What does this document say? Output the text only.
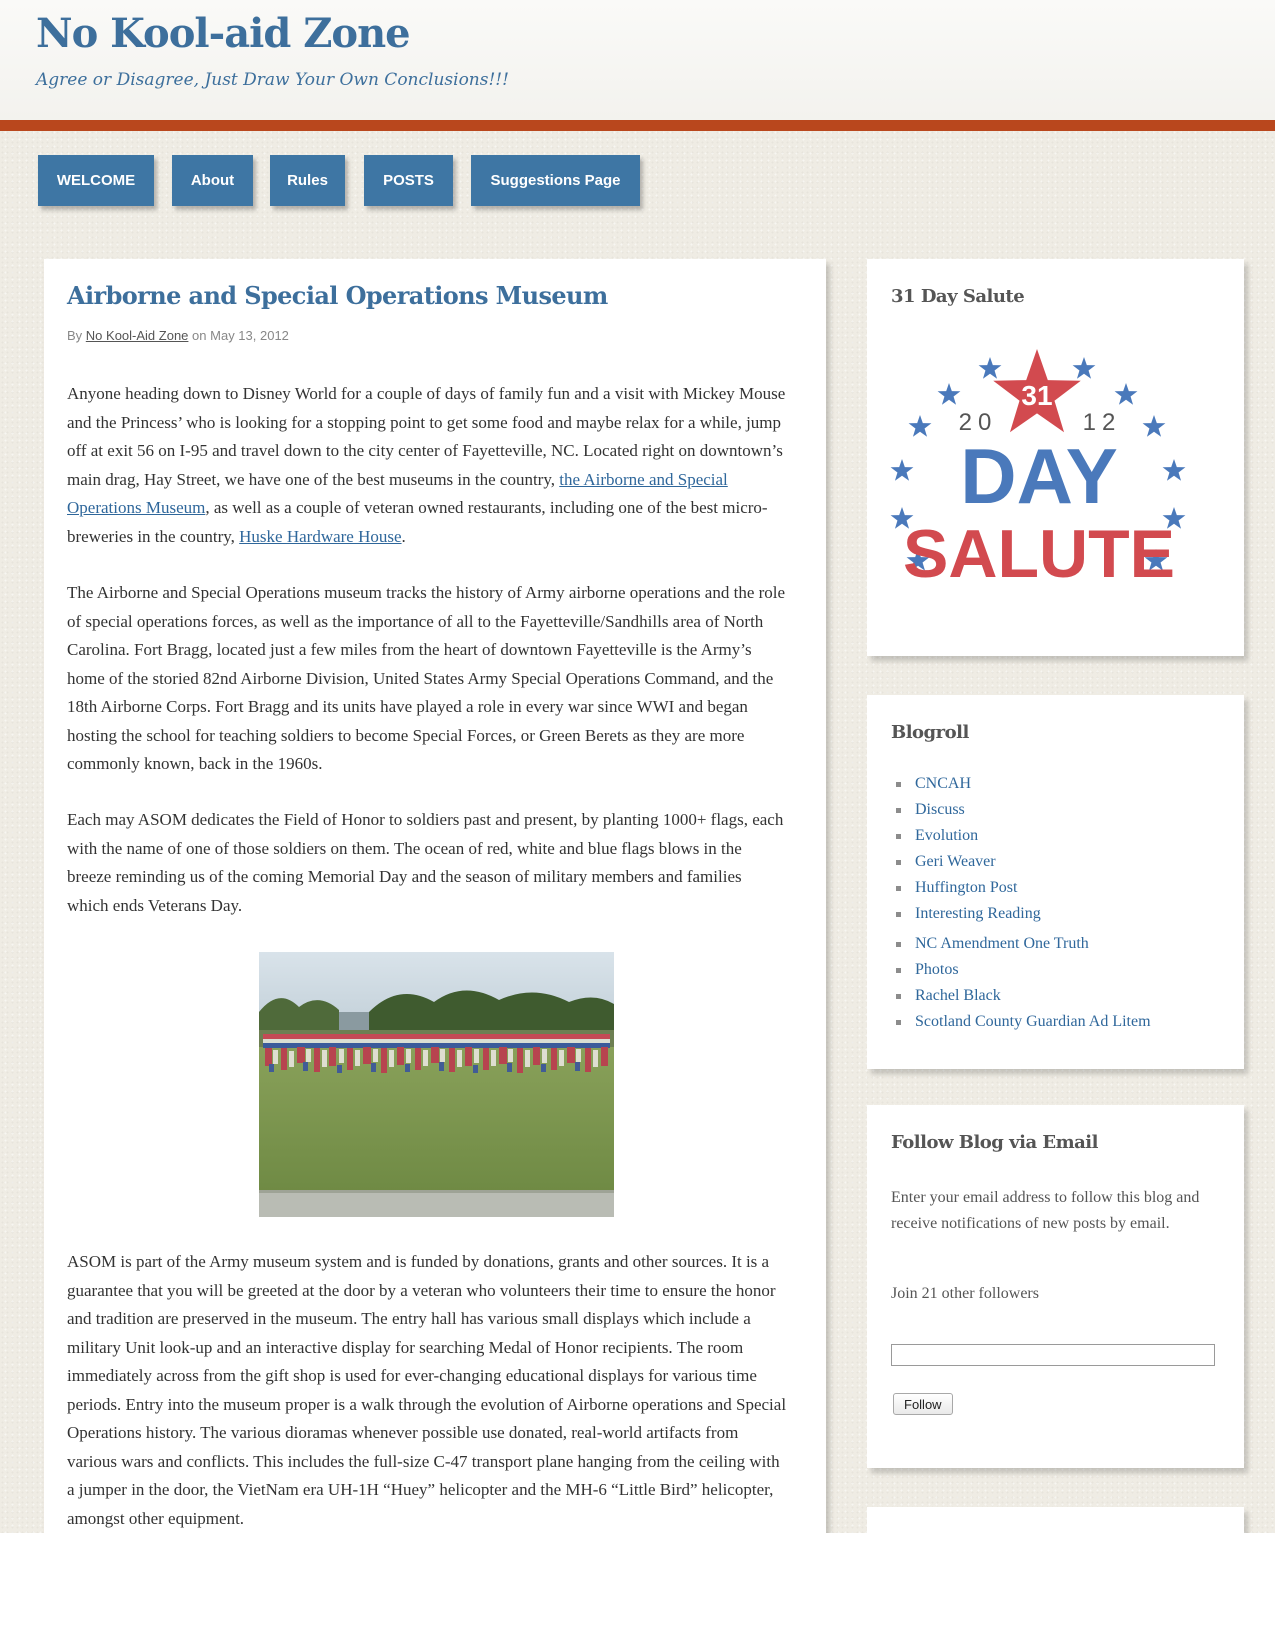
No Kool-aid Zone
Agree or Disagree, Just Draw Your Own Conclusions!!!
WELCOME	About	Rules	POSTS	Suggestions Page
Airborne and Special Operations Museum
By No Kool-Aid Zone on May 13, 2012

Anyone heading down to Disney World for a couple of days of family fun and a visit with Mickey Mouse and the Princess’ who is looking for a stopping point to get some food and maybe relax for a while, jump off at exit 56 on I-95 and travel down to the city center of Fayetteville, NC. Located right on downtown’s main drag, Hay Street, we have one of the best museums in the country, the Airborne and Special Operations Museum, as well as a couple of veteran owned restaurants, including one of the best micro-breweries in the country, Huske Hardware House.

The Airborne and Special Operations museum tracks the history of Army airborne operations and the role of special operations forces, as well as the importance of all to the Fayetteville/Sandhills area of North Carolina. Fort Bragg, located just a few miles from the heart of downtown Fayetteville is the Army’s home of the storied 82nd Airborne Division, United States Army Special Operations Command, and the 18th Airborne Corps. Fort Bragg and its units have played a role in every war since WWI and began hosting the school for teaching soldiers to become Special Forces, or Green Berets as they are more commonly known, back in the 1960s.

Each may ASOM dedicates the Field of Honor to soldiers past and present, by planting 1000+ flags, each with the name of one of those soldiers on them. The ocean of red, white and blue flags blows in the breeze reminding us of the coming Memorial Day and the season of military members and families which ends Veterans Day.

ASOM is part of the Army museum system and is funded by donations, grants and other sources. It is a guarantee that you will be greeted at the door by a veteran who volunteers their time to ensure the honor and tradition are preserved in the museum. The entry hall has various small displays which include a military Unit look-up and an interactive display for searching Medal of Honor recipients. The room immediately across from the gift shop is used for ever-changing educational displays for various time periods. Entry into the museum proper is a walk through the evolution of Airborne operations and Special Operations history. The various dioramas whenever possible use donated, real-world artifacts from various wars and conflicts. This includes the full-size C-47 transport plane hanging from the ceiling with a jumper in the door, the VietNam era UH-1H “Huey” helicopter and the MH-6 “Little Bird” helicopter, amongst other equipment.

31 Day Salute
31
20	12
DAY
SALUTE
Blogroll
CNCAH
Discuss
Evolution
Geri Weaver
Huffington Post
Interesting Reading
NC Amendment One Truth
Photos
Rachel Black
Scotland County Guardian Ad Litem
Follow Blog via Email

Enter your email address to follow this blog and receive notifications of new posts by email.

Join 21 other followers

Follow
